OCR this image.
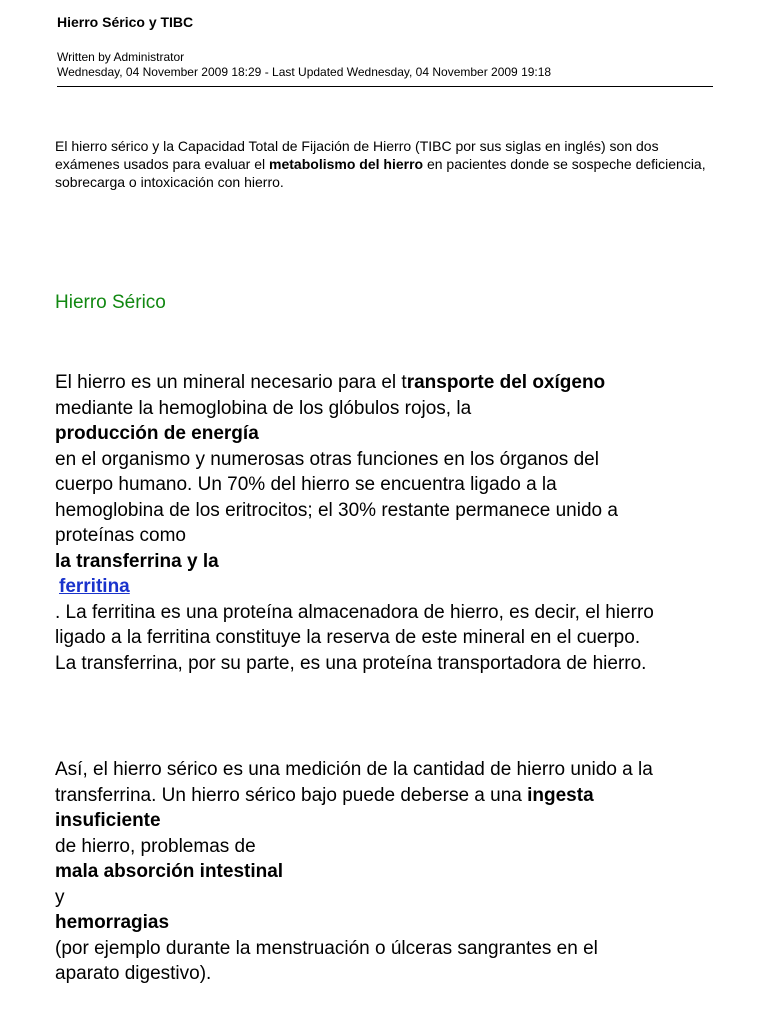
Hierro Sérico y TIBC
Written by Administrator
Wednesday, 04 November 2009 18:29 - Last Updated Wednesday, 04 November 2009 19:18
El hierro sérico y la Capacidad Total de Fijación de Hierro (TIBC por sus siglas en inglés) son dos exámenes usados para evaluar el metabolismo del hierro en pacientes donde se sospeche deficiencia, sobrecarga o intoxicación con hierro.
Hierro Sérico
El hierro es un mineral necesario para el transporte del oxígeno
mediante la hemoglobina de los glóbulos rojos, la
producción de energía
en el organismo y numerosas otras funciones en los órganos del
cuerpo humano. Un 70% del hierro se encuentra ligado a la
hemoglobina de los eritrocitos; el 30% restante permanece unido a
proteínas como
la transferrina y la
ferritina
. La ferritina es una proteína almacenadora de hierro, es decir, el hierro
ligado a la ferritina constituye la reserva de este mineral en el cuerpo.
La transferrina, por su parte, es una proteína transportadora de hierro.
Así, el hierro sérico es una medición de la cantidad de hierro unido a la
transferrina. Un hierro sérico bajo puede deberse a una ingesta
insuficiente
de hierro, problemas de
mala absorción intestinal
y
hemorragias
(por ejemplo durante la menstruación o úlceras sangrantes en el
aparato digestivo).
